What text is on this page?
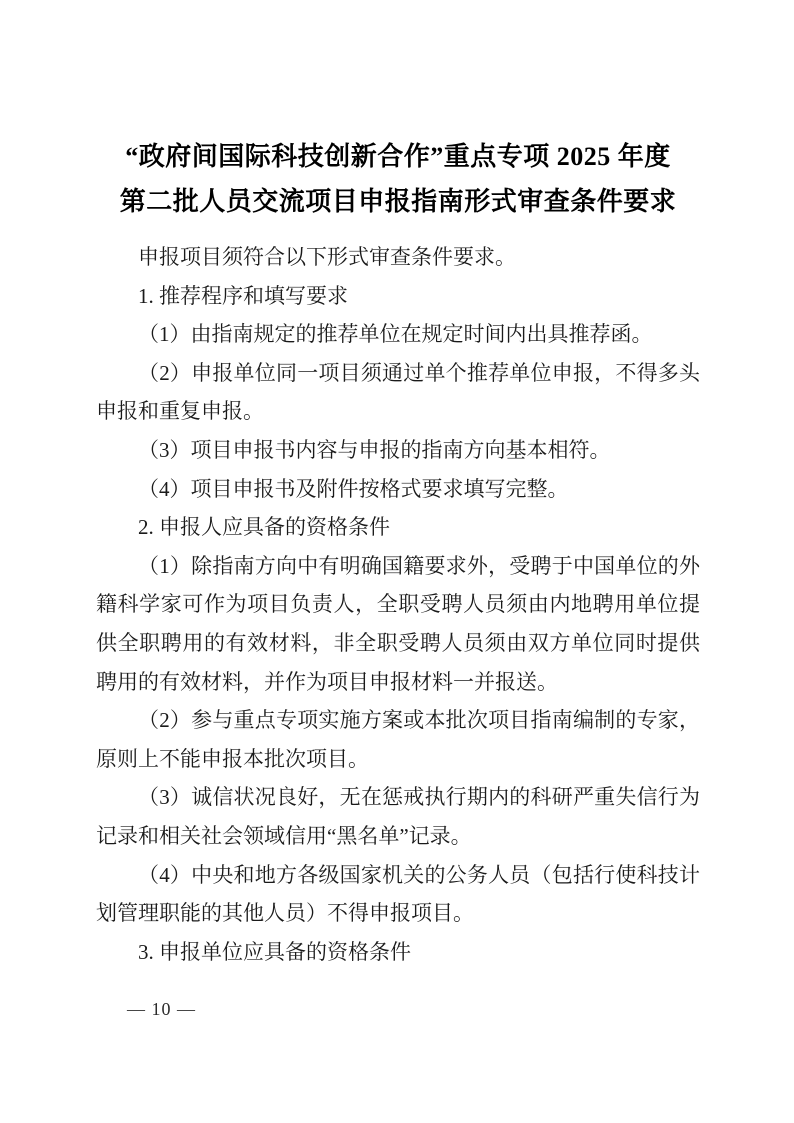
“政府间国际科技创新合作”重点专项 2025 年度
第二批人员交流项目申报指南形式审查条件要求

申报项目须符合以下形式审查条件要求。

1. 推荐程序和填写要求

（1）由指南规定的推荐单位在规定时间内出具推荐函。

（2）申报单位同一项目须通过单个推荐单位申报，不得多头申报和重复申报。

（3）项目申报书内容与申报的指南方向基本相符。

（4）项目申报书及附件按格式要求填写完整。

2. 申报人应具备的资格条件

（1）除指南方向中有明确国籍要求外，受聘于中国单位的外籍科学家可作为项目负责人，全职受聘人员须由内地聘用单位提供全职聘用的有效材料，非全职受聘人员须由双方单位同时提供聘用的有效材料，并作为项目申报材料一并报送。

（2）参与重点专项实施方案或本批次项目指南编制的专家，原则上不能申报本批次项目。

（3）诚信状况良好，无在惩戒执行期内的科研严重失信行为记录和相关社会领域信用“黑名单”记录。

（4）中央和地方各级国家机关的公务人员（包括行使科技计划管理职能的其他人员）不得申报项目。

3. 申报单位应具备的资格条件

— 10 —
